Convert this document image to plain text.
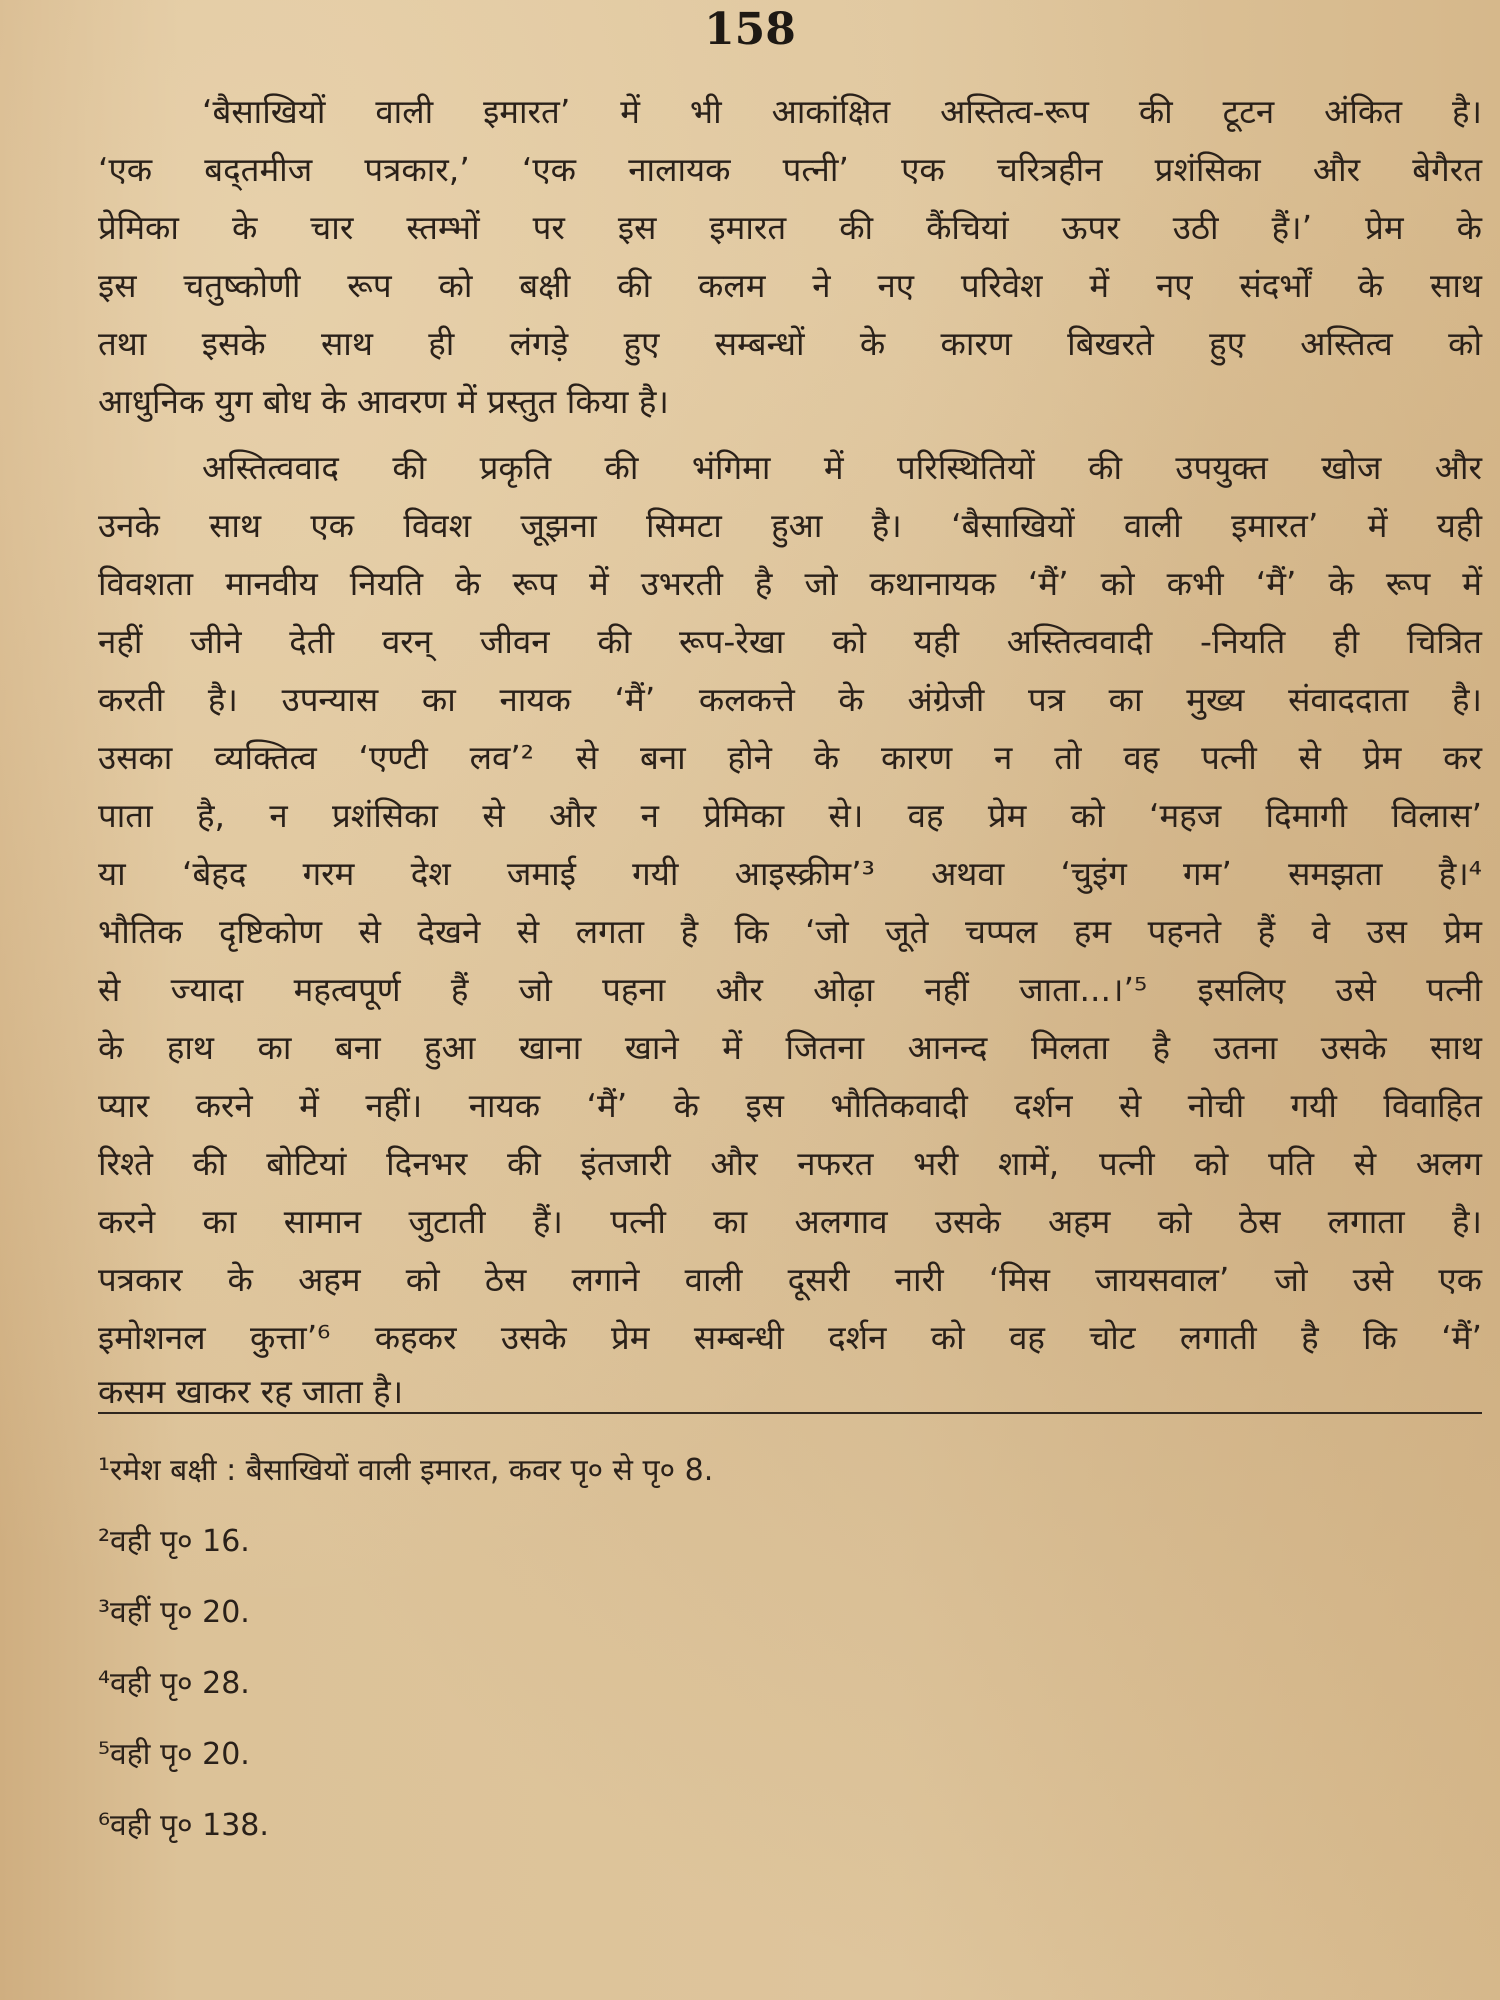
158
‘बैसाखियों वाली इमारत’ में भी आकांक्षित अस्तित्व-रूप की टूटन अंकित है।
‘एक बद्तमीज पत्रकार,’ ‘एक नालायक पत्नी’ एक चरित्रहीन प्रशंसिका और बेगैरत
प्रेमिका के चार स्तम्भों पर इस इमारत की कैंचियां ऊपर उठी हैं।’ प्रेम के
इस चतुष्कोणी रूप को बक्षी की कलम ने नए परिवेश में नए संदर्भों के साथ
तथा इसके साथ ही लंगड़े हुए सम्बन्धों के कारण बिखरते हुए अस्तित्व को
आधुनिक युग बोध के आवरण में प्रस्तुत किया है।
अस्तित्ववाद की प्रकृति की भंगिमा में परिस्थितियों की उपयुक्त खोज और
उनके साथ एक विवश जूझना सिमटा हुआ है। ‘बैसाखियों वाली इमारत’ में यही
विवशता मानवीय नियति के रूप में उभरती है जो कथानायक ‘मैं’ को कभी ‘मैं’ के रूप में
नहीं जीने देती वरन् जीवन की रूप-रेखा को यही अस्तित्ववादी -नियति ही चित्रित
करती है। उपन्यास का नायक ‘मैं’ कलकत्ते के अंग्रेजी पत्र का मुख्य संवाददाता है।
उसका व्यक्तित्व ‘एण्टी लव’² से बना होने के कारण न तो वह पत्नी से प्रेम कर
पाता है, न प्रशंसिका से और न प्रेमिका से। वह प्रेम को ‘महज दिमागी विलास’
या ‘बेहद गरम देश जमाई गयी आइस्क्रीम’³ अथवा ‘चुइंग गम’ समझता है।⁴
भौतिक दृष्टिकोण से देखने से लगता है कि ‘जो जूते चप्पल हम पहनते हैं वे उस प्रेम
से ज्यादा महत्वपूर्ण हैं जो पहना और ओढ़ा नहीं जाता...।’⁵ इसलिए उसे पत्नी
के हाथ का बना हुआ खाना खाने में जितना आनन्द मिलता है उतना उसके साथ
प्यार करने में नहीं। नायक ‘मैं’ के इस भौतिकवादी दर्शन से नोची गयी विवाहित
रिश्ते की बोटियां दिनभर की इंतजारी और नफरत भरी शामें, पत्नी को पति से अलग
करने का सामान जुटाती हैं। पत्नी का अलगाव उसके अहम को ठेस लगाता है।
पत्रकार के अहम को ठेस लगाने वाली दूसरी नारी ‘मिस जायसवाल’ जो उसे एक
इमोशनल कुत्ता’⁶ कहकर उसके प्रेम सम्बन्धी दर्शन को वह चोट लगाती है कि ‘मैं’
कसम खाकर रह जाता है।
¹रमेश बक्षी : बैसाखियों वाली इमारत, कवर पृ० से पृ० 8.
²वही पृ० 16.
³वहीं पृ० 20.
⁴वही पृ० 28.
⁵वही पृ० 20.
⁶वही पृ० 138.
